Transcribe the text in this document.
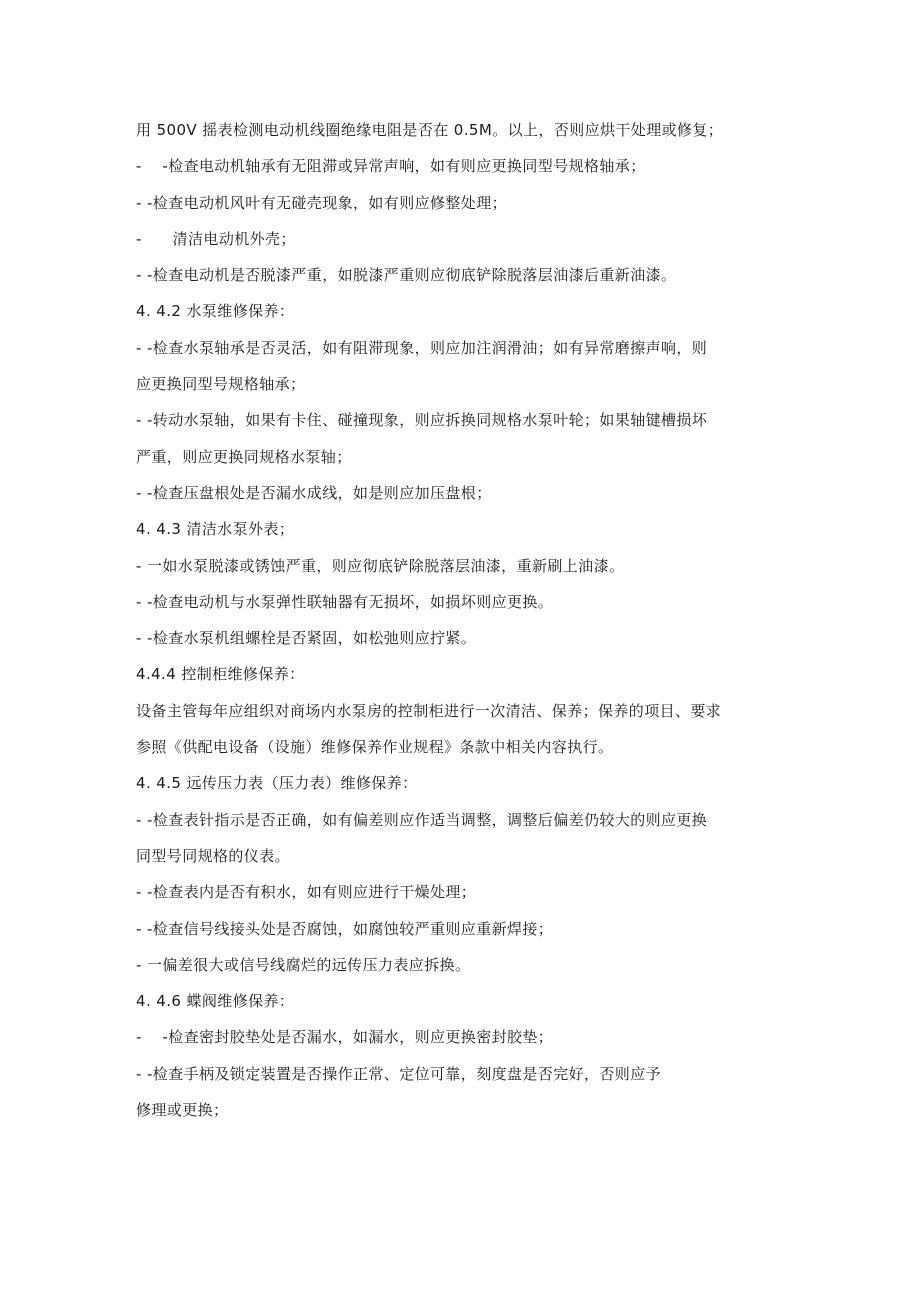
用 500V 摇表检测电动机线圈绝缘电阻是否在 0.5M。以上，否则应烘干处理或修复；
-　 -检查电动机轴承有无阻滞或异常声响，如有则应更换同型号规格轴承；
- -检查电动机风叶有无碰壳现象，如有则应修整处理；
-　　清洁电动机外壳；
- -检查电动机是否脱漆严重，如脱漆严重则应彻底铲除脱落层油漆后重新油漆。
4. 4.2 水泵维修保养：
- -检查水泵轴承是否灵活，如有阻滞现象，则应加注润滑油；如有异常磨擦声响，则
应更换同型号规格轴承；
- -转动水泵轴，如果有卡住、碰撞现象，则应拆换同规格水泵叶轮；如果轴键槽损坏
严重，则应更换同规格水泵轴；
- -检查压盘根处是否漏水成线，如是则应加压盘根；
4. 4.3 清洁水泵外表；
- 一如水泵脱漆或锈蚀严重，则应彻底铲除脱落层油漆，重新刷上油漆。
- -检查电动机与水泵弹性联轴器有无损坏，如损坏则应更换。
- -检查水泵机组螺栓是否紧固，如松弛则应拧紧。
4.4.4 控制柜维修保养：
设备主管每年应组织对商场内水泵房的控制柜进行一次清洁、保养；保养的项目、要求
参照《供配电设备（设施）维修保养作业规程》条款中相关内容执行。
4. 4.5 远传压力表（压力表）维修保养：
- -检查表针指示是否正确，如有偏差则应作适当调整，调整后偏差仍较大的则应更换
同型号同规格的仪表。
- -检查表内是否有积水，如有则应进行干燥处理；
- -检查信号线接头处是否腐蚀，如腐蚀较严重则应重新焊接；
- 一偏差很大或信号线腐烂的远传压力表应拆换。
4. 4.6 蝶阀维修保养：
-　 -检查密封胶垫处是否漏水，如漏水，则应更换密封胶垫；
- -检查手柄及锁定装置是否操作正常、定位可靠，刻度盘是否完好，否则应予
修理或更换；
